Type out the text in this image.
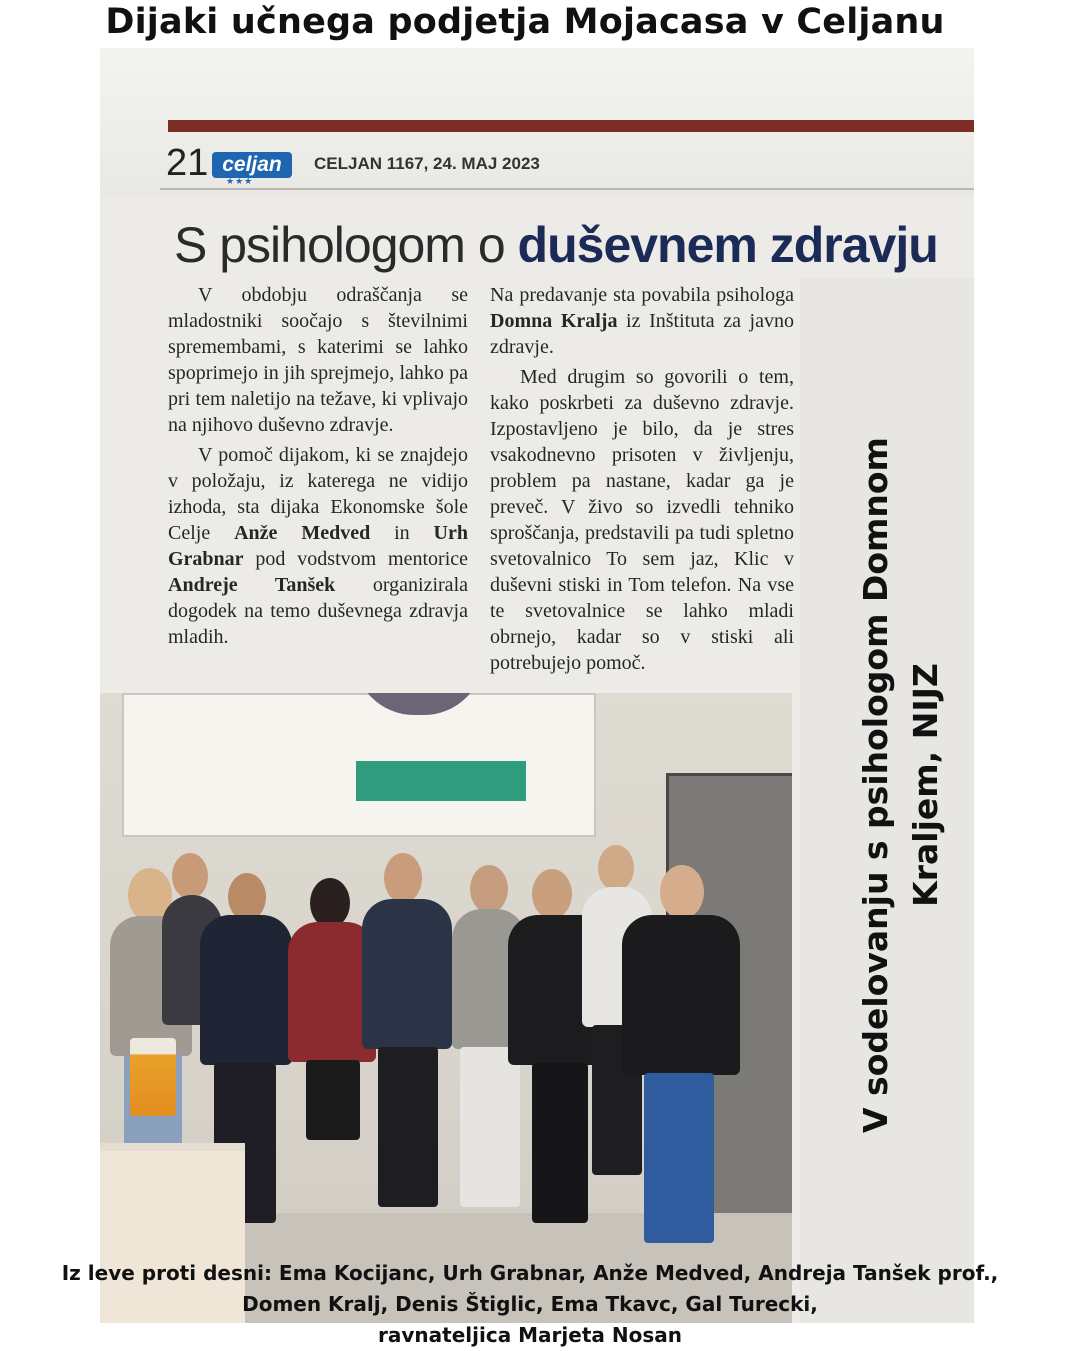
Dijaki učnega podjetja Mojacasa v Celjanu
21 celjan
★★★
CELJAN 1167, 24. MAJ 2023
S psihologom o duševnem zdravju

V obdobju odraščanja se mladostniki soočajo s številnimi spremembami, s katerimi se lahko spoprimejo in jih sprejmejo, lahko pa pri tem naletijo na težave, ki vplivajo na njihovo duševno zdravje.

V pomoč dijakom, ki se znajdejo v položaju, iz katerega ne vidijo izhoda, sta dijaka Ekonomske šole Celje Anže Medved in Urh Grabnar pod vodstvom mentorice Andreje Tanšek organizirala dogodek na temo duševnega zdravja mladih.

Na predavanje sta povabila psihologa Domna Kralja iz Inštituta za javno zdravje.

Med drugim so govorili o tem, kako poskrbeti za duševno zdravje. Izpostavljeno je bilo, da je stres vsakodnevno prisoten v življenju, problem pa nastane, kadar ga je preveč. V živo so izvedli tehniko sproščanja, predstavili pa tudi spletno svetovalnico To sem jaz, Klic v duševni stiski in Tom telefon. Na vse te svetovalnice se lahko mladi obrnejo, kadar so v stiski ali potrebujejo pomoč.	V sodelovanju s psihologom Domnom Kraljem, NIJZ
Iz leve proti desni: Ema Kocijanc, Urh Grabnar, Anže Medved, Andreja Tanšek prof.,
Domen Kralj, Denis Štiglic, Ema Tkavc, Gal Turecki,
ravnateljica Marjeta Nosan
